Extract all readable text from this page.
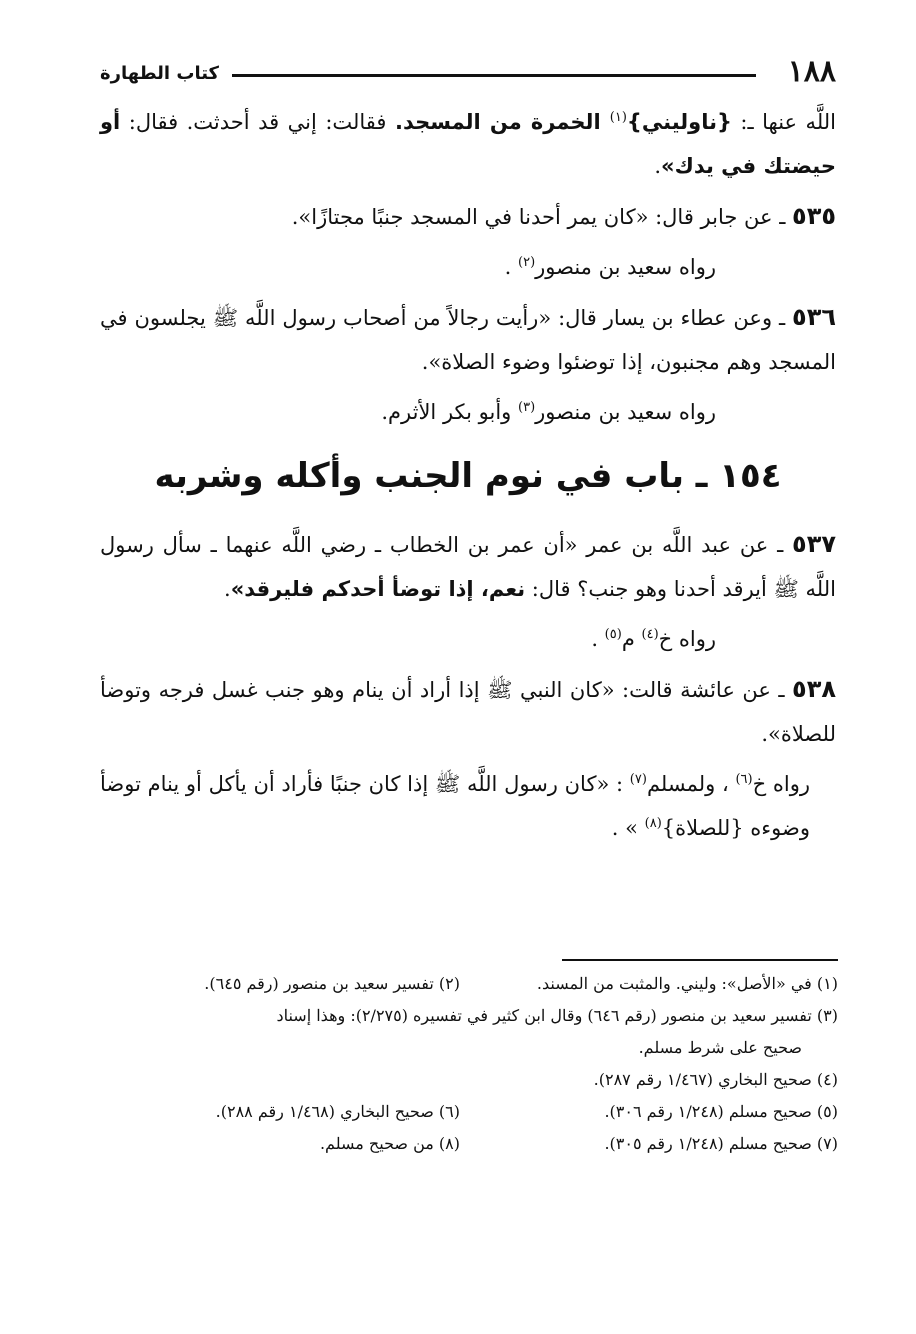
١٨٨
كتاب الطهارة

اللَّه عنها ـ: {ناوليني}$^{(١)}$ الخمرة من المسجد. فقالت: إني قد أحدثت. فقال: أو حيضتك في يدك».

٥٣٥ ـ عن جابر قال: «كان يمر أحدنا في المسجد جنبًا مجتازًا».

رواه سعيد بن منصور$^{(٢)}$ .

٥٣٦ ـ وعن عطاء بن يسار قال: «رأيت رجالاً من أصحاب رسول اللَّه ﷺ يجلسون في المسجد وهم مجنبون، إذا توضئوا وضوء الصلاة».

رواه سعيد بن منصور$^{(٣)}$ وأبو بكر الأثرم.

١٥٤ ـ باب في نوم الجنب وأكله وشربه

٥٣٧ ـ عن عبد اللَّه بن عمر «أن عمر بن الخطاب ـ رضي اللَّه عنهما ـ سأل رسول اللَّه ﷺ أيرقد أحدنا وهو جنب؟ قال: نعم، إذا توضأ أحدكم فليرقد».

رواه خ$^{(٤)}$ م$^{(٥)}$ .

٥٣٨ ـ عن عائشة قالت: «كان النبي ﷺ إذا أراد أن ينام وهو جنب غسل فرجه وتوضأ للصلاة».

رواه خ$^{(٦)}$ ، ولمسلم$^{(٧)}$ : «كان رسول اللَّه ﷺ إذا كان جنبًا فأراد أن يأكل أو ينام توضأ وضوءه {للصلاة}$^{(٨)}$ » .

(١) في «الأصل»: وليني. والمثبت من المسند.

(٢) تفسير سعيد بن منصور (رقم ٦٤٥).

(٣) تفسير سعيد بن منصور (رقم ٦٤٦) وقال ابن كثير في تفسيره (٢/٢٧٥): وهذا إسناد
صحيح على شرط مسلم.

(٤) صحيح البخاري (١/٤٦٧ رقم ٢٨٧).

(٥) صحيح مسلم (١/٢٤٨ رقم ٣٠٦).

(٦) صحيح البخاري (١/٤٦٨ رقم ٢٨٨).

(٧) صحيح مسلم (١/٢٤٨ رقم ٣٠٥).

(٨) من صحيح مسلم.
